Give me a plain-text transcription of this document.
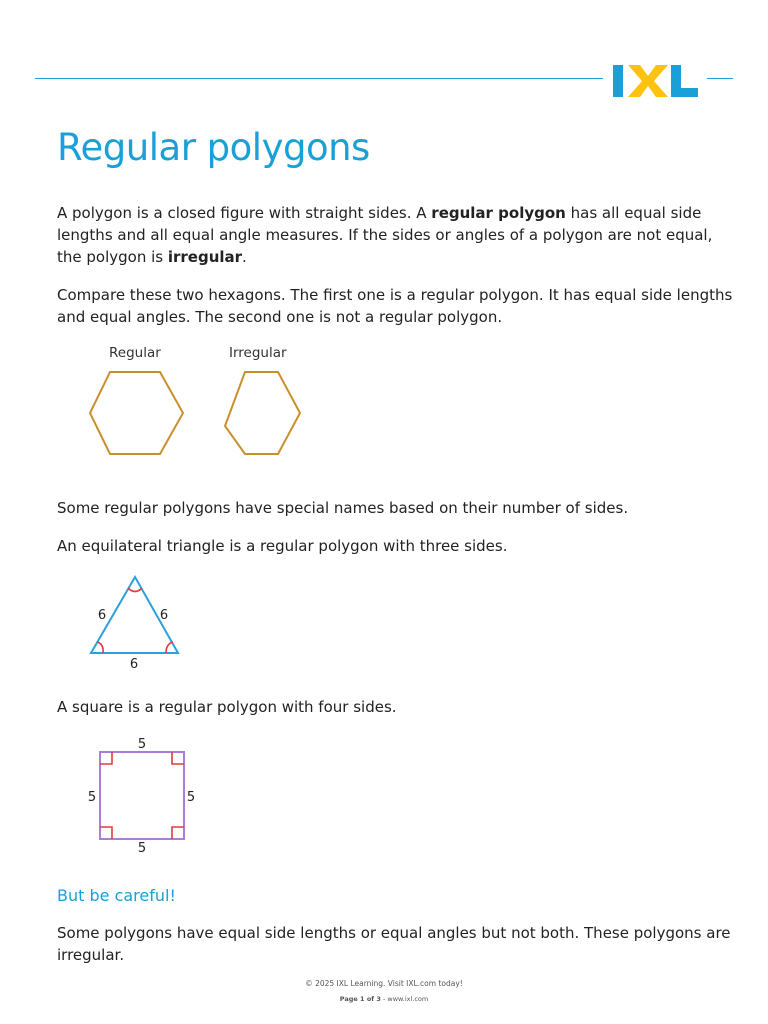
Regular polygons

A polygon is a closed figure with straight sides. A regular polygon has all equal side lengths and all equal angle measures. If the sides or angles of a polygon are not equal, the polygon is irregular.

Compare these two hexagons. The first one is a regular polygon. It has equal side lengths and equal angles. The second one is not a regular polygon.

Regular	Irregular

Some regular polygons have special names based on their number of sides.

An equilateral triangle is a regular polygon with three sides.

6	6
6

A square is a regular polygon with four sides.

5
5	5
5
But be careful!

Some polygons have equal side lengths or equal angles but not both. These polygons are irregular.

© 2025 IXL Learning. Visit IXL.com today!
Page 1 of 3 - www.ixl.com
